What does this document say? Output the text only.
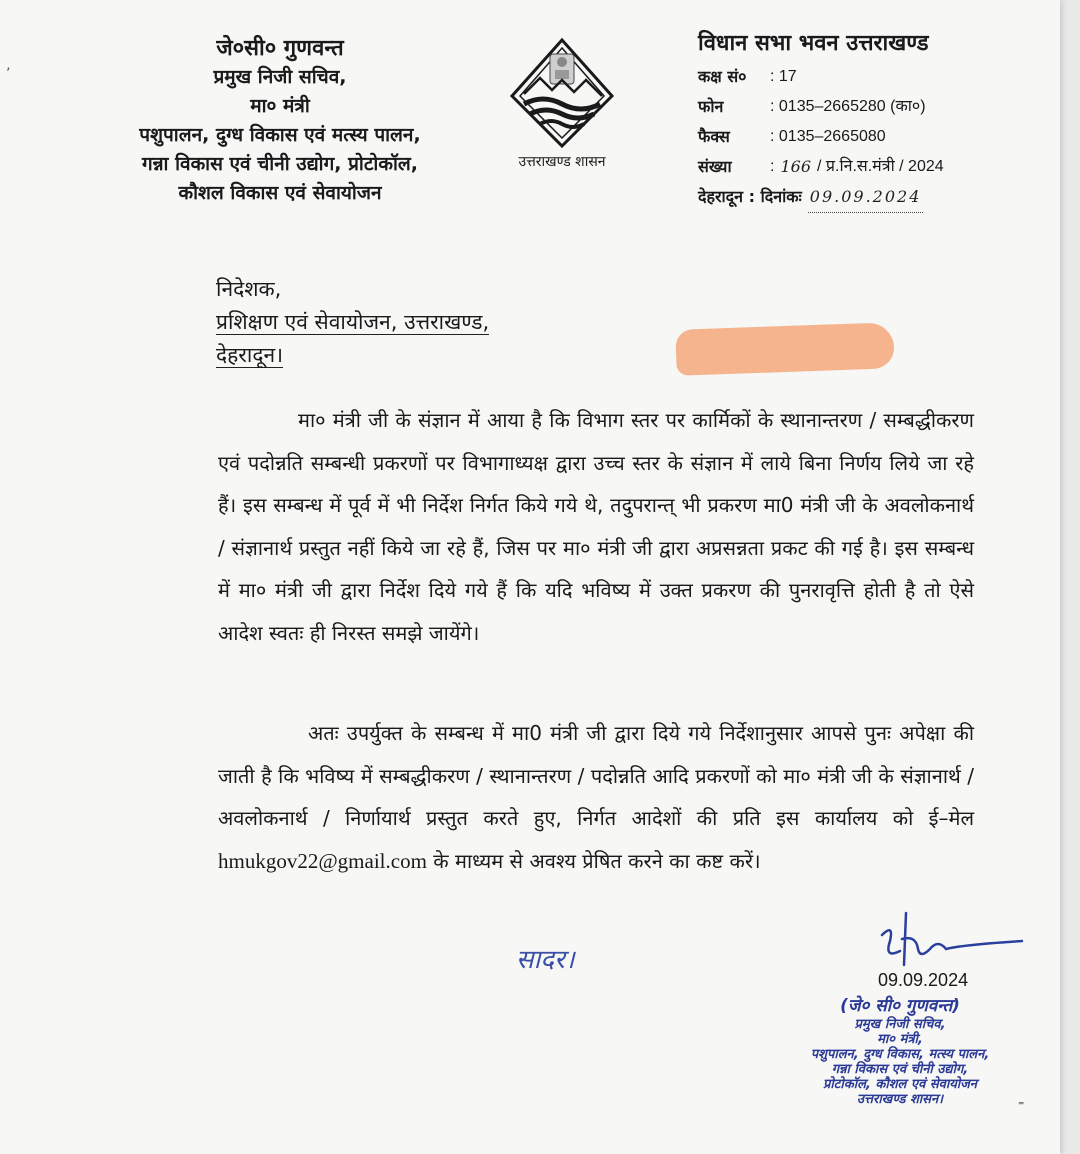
’
जे०सी० गुणवन्त
प्रमुख निजी सचिव,
मा० मंत्री
पशुपालन, दुग्ध विकास एवं मत्स्य पालन,
गन्ना विकास एवं चीनी उद्योग, प्रोटोकॉल,
कौशल विकास एवं सेवायोजन
उत्तराखण्ड शासन
विधान सभा भवन उत्तराखण्ड
कक्ष सं०	: 17
फोन	: 0135–2665280 (का०)
फैक्स	: 0135–2665080
संख्या	: 166 / प्र.नि.स.मंत्री / 2024
देहरादून : दिनांकः 09.09.2024
निदेशक,
प्रशिक्षण एवं सेवायोजन, उत्तराखण्ड,
देहरादून।
मा० मंत्री जी के संज्ञान में आया है कि विभाग स्तर पर कार्मिकों के स्थानान्तरण / सम्बद्धीकरण एवं पदोन्नति सम्बन्धी प्रकरणों पर विभागाध्यक्ष द्वारा उच्च स्तर के संज्ञान में लाये बिना निर्णय लिये जा रहे हैं। इस सम्बन्ध में पूर्व में भी निर्देश निर्गत किये गये थे, तदुपरान्त् भी प्रकरण मा0 मंत्री जी के अवलोकनार्थ / संज्ञानार्थ प्रस्तुत नहीं किये जा रहे हैं, जिस पर मा० मंत्री जी द्वारा अप्रसन्नता प्रकट की गई है। इस सम्बन्ध में मा० मंत्री जी द्वारा निर्देश दिये गये हैं कि यदि भविष्य में उक्त प्रकरण की पुनरावृत्ति होती है तो ऐसे आदेश स्वतः ही निरस्त समझे जायेंगे।
अतः उपर्युक्त के सम्बन्ध में मा0 मंत्री जी द्वारा दिये गये निर्देशानुसार आपसे पुनः अपेक्षा की जाती है कि भविष्य में सम्बद्धीकरण / स्थानान्तरण / पदोन्नति आदि प्रकरणों को मा० मंत्री जी के संज्ञानार्थ / अवलोकनार्थ / निर्णायार्थ प्रस्तुत करते हुए, निर्गत आदेशों की प्रति इस कार्यालय को ई–मेल hmukgov22@gmail.com के माध्यम से अवश्य प्रेषित करने का कष्ट करें।
सादर।
09.09.2024
(जे० सी० गुणवन्त)
प्रमुख निजी सचिव,
मा० मंत्री,
पशुपालन, दुग्ध विकास, मत्स्य पालन,
गन्ना विकास एवं चीनी उद्योग,
प्रोटोकॉल, कौशल एवं सेवायोजन
उत्तराखण्ड शासन।	⁼
